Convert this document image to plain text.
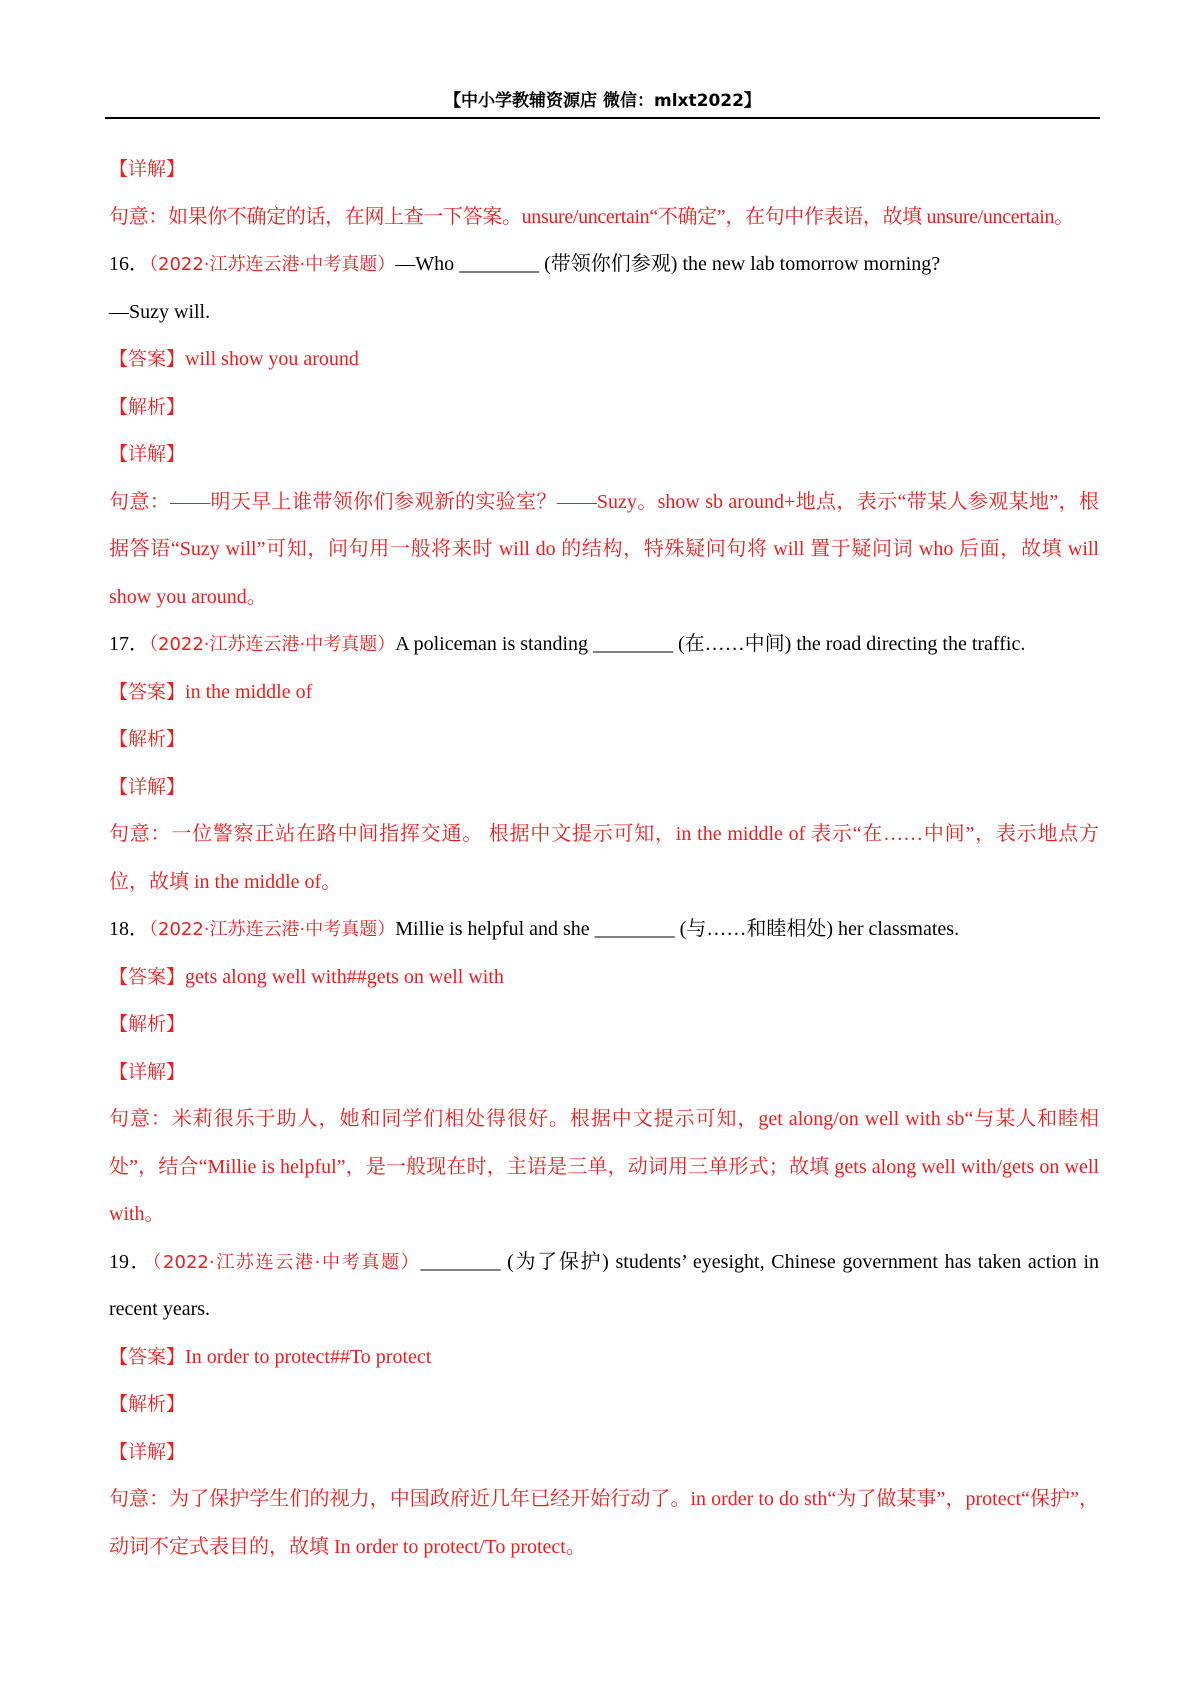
【中小学教辅资源店 微信：mlxt2022】
【 详解 】
句意：如果你不确定的话，在网上查一下答案。unsure/uncertain“不确定”，在句中作表语，故填 unsure/uncertain。
16． （ 2022·江苏连云港·中考真题 ） —Who ________ (带领你们参观) the new lab tomorrow morning?
—Suzy will.
【 答案 】 will show you around
【 解析 】
【 详解 】
句意：——明天早上谁带领你们参观新的实验室？——Suzy。show sb around+地点，表示“带某人参观某地”，根据答语“Suzy will”可知，问句用一般将来时 will do 的结构，特殊疑问句将 will 置于疑问词 who 后面，故填 will show you around。
17． （ 2022·江苏连云港·中考真题 ） A policeman is standing ________ (在……中间) the road directing the traffic.
【 答案 】 in the middle of
【 解析 】
【 详解 】
句意：一位警察正站在路中间指挥交通。 根据中文提示可知，in the middle of 表示“在……中间”，表示地点方位，故填 in the middle of。
18． （ 2022·江苏连云港·中考真题 ） Millie is helpful and she ________ (与……和睦相处) her classmates.
【 答案 】 gets along well with##gets on well with
【 解析 】
【 详解 】
句意：米莉很乐于助人，她和同学们相处得很好。根据中文提示可知，get along/on well with sb“与某人和睦相处”，结合“Millie is helpful”，是一般现在时，主语是三单，动词用三单形式；故填 gets along well with/gets on well with。
19． （ 2022·江苏连云港·中考真题 ） ________ (为了保护) students’ eyesight, Chinese government has taken action in recent years.
【 答案 】 In order to protect##To protect
【 解析 】
【 详解 】
句意：为了保护学生们的视力，中国政府近几年已经开始行动了。in order to do sth“为了做某事”，protect“保护”，动词不定式表目的，故填 In order to protect/To protect。
